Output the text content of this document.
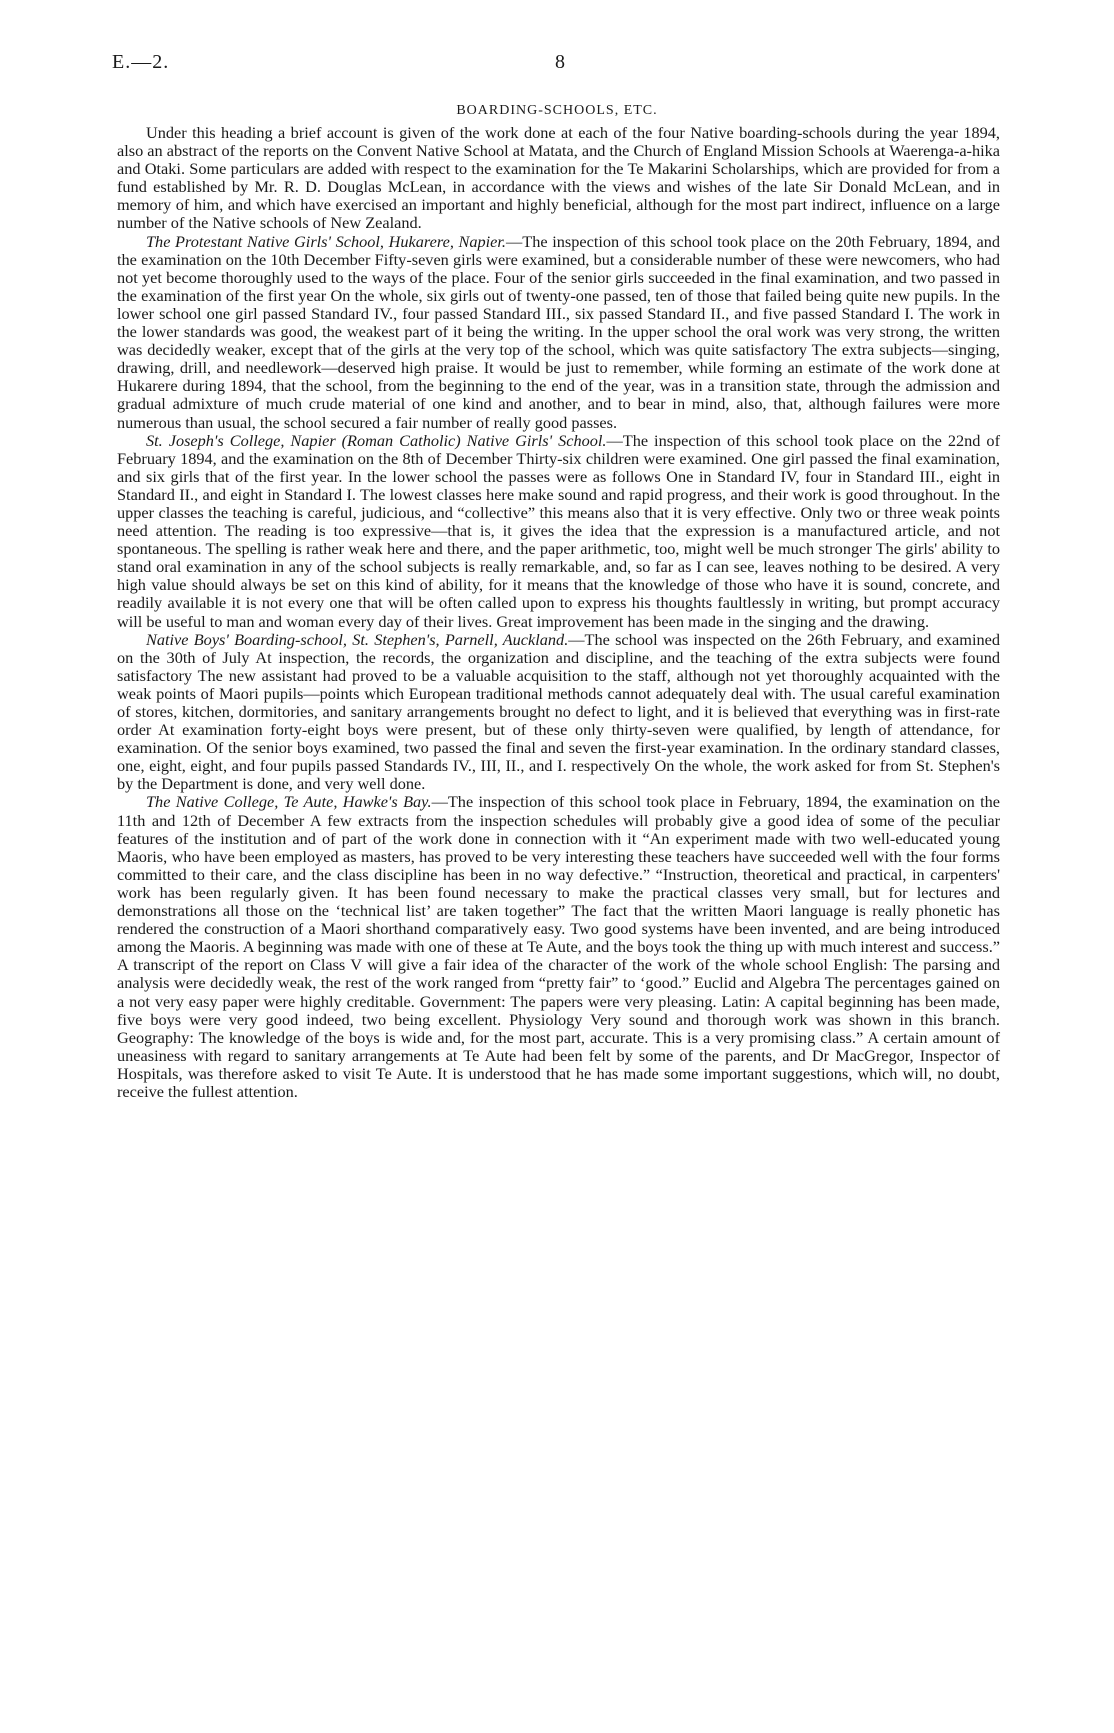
E.—2.	8
BOARDING-SCHOOLS, ETC.

Under this heading a brief account is given of the work done at each of the four Native boarding-schools during the year 1894, also an abstract of the reports on the Convent Native School at Matata, and the Church of England Mission Schools at Waerenga-a-hika and Otaki. Some particulars are added with respect to the examination for the Te Makarini Scholarships, which are provided for from a fund established by Mr. R. D. Douglas McLean, in accordance with the views and wishes of the late Sir Donald McLean, and in memory of him, and which have exercised an important and highly beneficial, although for the most part indirect, influence on a large number of the Native schools of New Zealand.

The Protestant Native Girls' School, Hukarere, Napier.—The inspection of this school took place on the 20th February, 1894, and the examination on the 10th December Fifty-seven girls were examined, but a considerable number of these were newcomers, who had not yet become thoroughly used to the ways of the place. Four of the senior girls succeeded in the final examination, and two passed in the examination of the first year On the whole, six girls out of twenty-one passed, ten of those that failed being quite new pupils. In the lower school one girl passed Standard IV., four passed Standard III., six passed Standard II., and five passed Standard I. The work in the lower standards was good, the weakest part of it being the writing. In the upper school the oral work was very strong, the written was decidedly weaker, except that of the girls at the very top of the school, which was quite satisfactory The extra subjects—singing, drawing, drill, and needlework—deserved high praise. It would be just to remember, while forming an estimate of the work done at Hukarere during 1894, that the school, from the beginning to the end of the year, was in a transition state, through the admission and gradual admixture of much crude material of one kind and another, and to bear in mind, also, that, although failures were more numerous than usual, the school secured a fair number of really good passes.

St. Joseph's College, Napier (Roman Catholic) Native Girls' School.—The inspection of this school took place on the 22nd of February 1894, and the examination on the 8th of December Thirty-six children were examined. One girl passed the final examination, and six girls that of the first year. In the lower school the passes were as follows One in Standard IV, four in Standard III., eight in Standard II., and eight in Standard I. The lowest classes here make sound and rapid progress, and their work is good throughout. In the upper classes the teaching is careful, judicious, and “collective” this means also that it is very effective. Only two or three weak points need attention. The reading is too expressive—that is, it gives the idea that the expression is a manufactured article, and not spontaneous. The spelling is rather weak here and there, and the paper arithmetic, too, might well be much stronger The girls' ability to stand oral examination in any of the school subjects is really remarkable, and, so far as I can see, leaves nothing to be desired. A very high value should always be set on this kind of ability, for it means that the knowledge of those who have it is sound, concrete, and readily available it is not every one that will be often called upon to express his thoughts faultlessly in writing, but prompt accuracy will be useful to man and woman every day of their lives. Great improvement has been made in the singing and the drawing.

Native Boys' Boarding-school, St. Stephen's, Parnell, Auckland.—The school was inspected on the 26th February, and examined on the 30th of July At inspection, the records, the organization and discipline, and the teaching of the extra subjects were found satisfactory The new assistant had proved to be a valuable acquisition to the staff, although not yet thoroughly acquainted with the weak points of Maori pupils—points which European traditional methods cannot adequately deal with. The usual careful examination of stores, kitchen, dormitories, and sanitary arrangements brought no defect to light, and it is believed that everything was in first-rate order At examination forty-eight boys were present, but of these only thirty-seven were qualified, by length of attendance, for examination. Of the senior boys examined, two passed the final and seven the first-year examination. In the ordinary standard classes, one, eight, eight, and four pupils passed Standards IV., III, II., and I. respectively On the whole, the work asked for from St. Stephen's by the Department is done, and very well done.

The Native College, Te Aute, Hawke's Bay.—The inspection of this school took place in February, 1894, the examination on the 11th and 12th of December A few extracts from the inspection schedules will probably give a good idea of some of the peculiar features of the institution and of part of the work done in connection with it “An experiment made with two well-educated young Maoris, who have been employed as masters, has proved to be very interesting these teachers have succeeded well with the four forms committed to their care, and the class discipline has been in no way defective.” “Instruction, theoretical and practical, in carpenters' work has been regularly given. It has been found necessary to make the practical classes very small, but for lectures and demonstrations all those on the ‘technical list’ are taken together” The fact that the written Maori language is really phonetic has rendered the construction of a Maori shorthand comparatively easy. Two good systems have been invented, and are being introduced among the Maoris. A beginning was made with one of these at Te Aute, and the boys took the thing up with much interest and success.” A transcript of the report on Class V will give a fair idea of the character of the work of the whole school English: The parsing and analysis were decidedly weak, the rest of the work ranged from “pretty fair” to ‘good.” Euclid and Algebra The percentages gained on a not very easy paper were highly creditable. Government: The papers were very pleasing. Latin: A capital beginning has been made, five boys were very good indeed, two being excellent. Physiology Very sound and thorough work was shown in this branch. Geography: The knowledge of the boys is wide and, for the most part, accurate. This is a very promising class.” A certain amount of uneasiness with regard to sanitary arrangements at Te Aute had been felt by some of the parents, and Dr MacGregor, Inspector of Hospitals, was therefore asked to visit Te Aute. It is understood that he has made some important suggestions, which will, no doubt, receive the fullest attention.
